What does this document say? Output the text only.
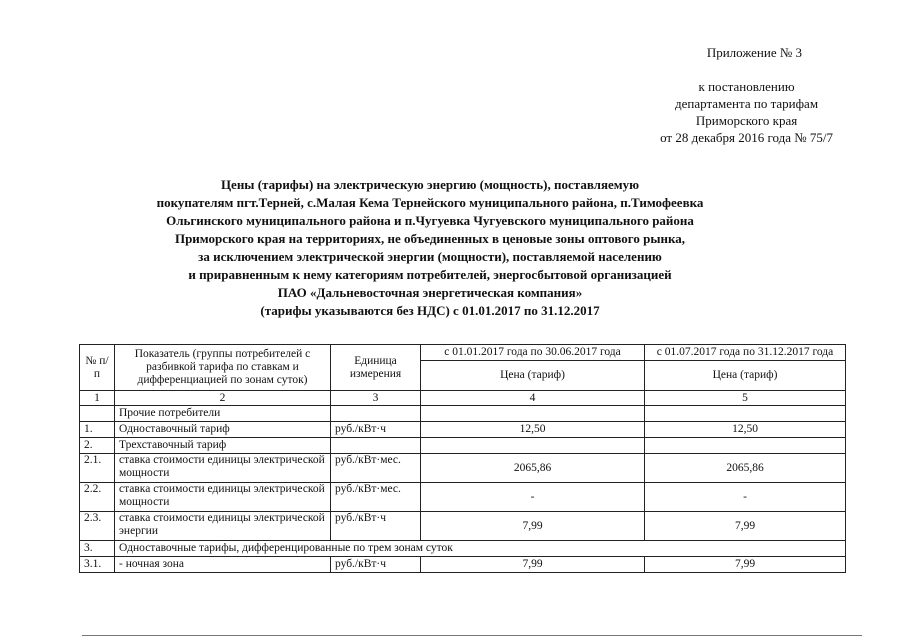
Приложение № 3
к постановлению
департамента по тарифам
Приморского края
от 28 декабря 2016 года № 75/7
Цены (тарифы) на электрическую энергию (мощность), поставляемую
покупателям пгт.Терней, с.Малая Кема Тернейского муниципального района, п.Тимофеевка
Ольгинского муниципального района и п.Чугуевка Чугуевского муниципального района
Приморского края на территориях, не объединенных в ценовые зоны оптового рынка,
за исключением электрической энергии (мощности), поставляемой населению
и приравненным к нему категориям потребителей, энергосбытовой организацией
ПАО «Дальневосточная энергетическая компания»
(тарифы указываются без НДС) с 01.01.2017 по 31.12.2017
№ п/п	Показатель (группы потребителей с разбивкой тарифа по ставкам и дифференциацией по зонам суток)	Единица измерения	с 01.01.2017 года по 30.06.2017 года	с 01.07.2017 года по 31.12.2017 года
			Цена (тариф)	Цена (тариф)
1	2	3	4	5
	Прочие потребители			
1.	Одноставочный тариф	руб./кВт·ч	12,50	12,50
2.	Трехставочный тариф			
2.1.	ставка стоимости единицы электрической мощности	руб./кВт·мес.	2065,86	2065,86
2.2.	ставка стоимости единицы электрической мощности	руб./кВт·мес.	-	-
2.3.	ставка стоимости единицы электрической энергии	руб./кВт·ч	7,99	7,99
3.	Одноставочные тарифы, дифференцированные по трем зонам суток			
3.1.	- ночная зона	руб./кВт·ч	7,99	7,99
